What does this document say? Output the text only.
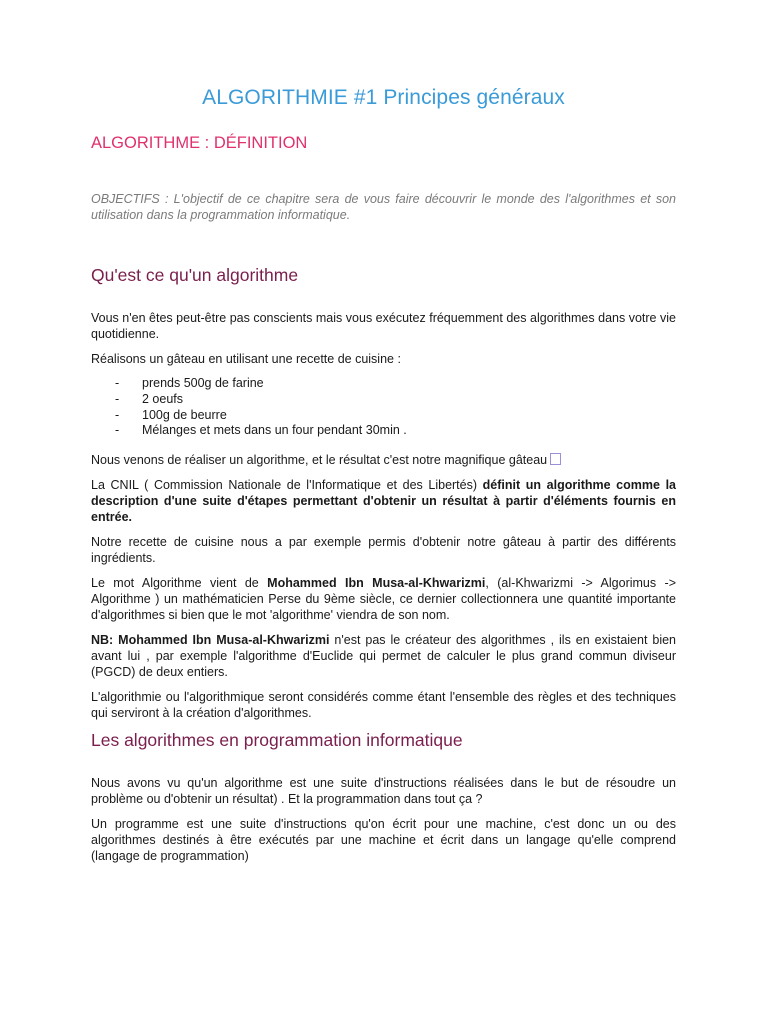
ALGORITHMIE #1 Principes généraux
ALGORITHME : DÉFINITION

OBJECTIFS : L'objectif de ce chapitre sera de vous faire découvrir le monde des l'algorithmes et son utilisation dans la programmation informatique.

Qu'est ce qu'un algorithme

Vous n'en êtes peut-être pas conscients mais vous exécutez fréquemment des algorithmes dans votre vie quotidienne.

Réalisons un gâteau en utilisant une recette de cuisine :

- prends 500g de farine
- 2 oeufs
- 100g de beurre
- Mélanges et mets dans un four pendant 30min .

Nous venons de réaliser un algorithme, et le résultat c'est notre magnifique gâteau

La CNIL ( Commission Nationale de l'Informatique et des Libertés) définit un algorithme comme la description d'une suite d'étapes permettant d'obtenir un résultat à partir d'éléments fournis en entrée.

Notre recette de cuisine nous a par exemple permis d'obtenir notre gâteau à partir des différents ingrédients.

Le mot Algorithme vient de Mohammed Ibn Musa-al-Khwarizmi, (al-Khwarizmi -> Algorimus -> Algorithme ) un mathématicien Perse du 9ème siècle, ce dernier collectionnera une quantité importante d'algorithmes si bien que le mot 'algorithme' viendra de son nom.

NB: Mohammed Ibn Musa-al-Khwarizmi n'est pas le créateur des algorithmes , ils en existaient bien avant lui , par exemple l'algorithme d'Euclide qui permet de calculer le plus grand commun diviseur (PGCD) de deux entiers.

L'algorithmie ou l'algorithmique seront considérés comme étant l'ensemble des règles et des techniques qui serviront à la création d'algorithmes.

Les algorithmes en programmation informatique

Nous avons vu qu'un algorithme est une suite d'instructions réalisées dans le but de résoudre un problème ou d'obtenir un résultat) . Et la programmation dans tout ça ?

Un programme est une suite d'instructions qu'on écrit pour une machine, c'est donc un ou des algorithmes destinés à être exécutés par une machine et écrit dans un langage qu'elle comprend (langage de programmation)
